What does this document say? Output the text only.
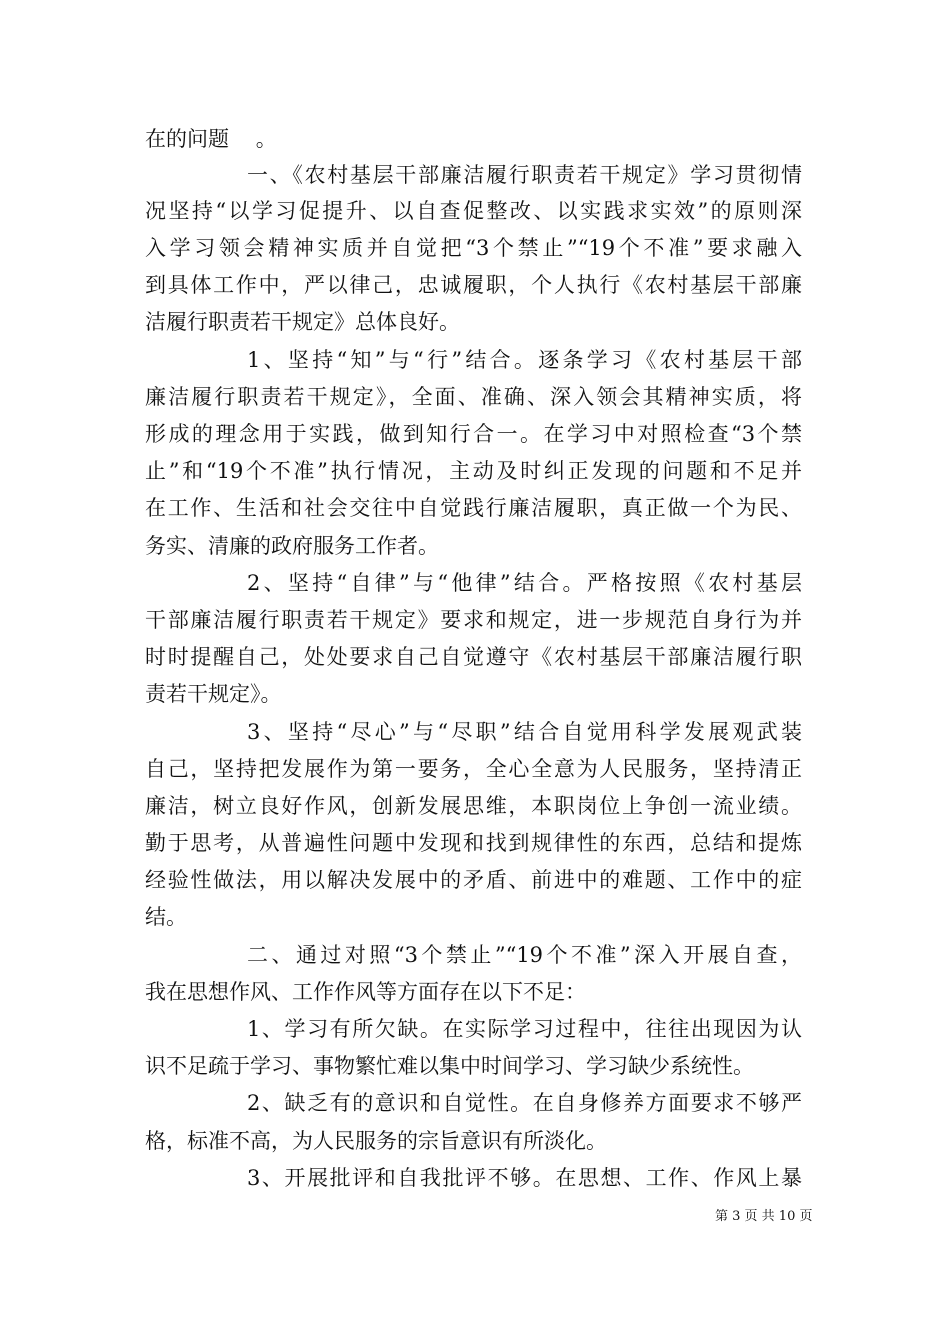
在的问题    。
一、《农村基层干部廉洁履行职责若干规定》学习贯彻情
况坚持“以学习促提升、以自查促整改、以实践求实效”的原则深
入学习领会精神实质并自觉把“3个禁止”“19个不准”要求融入
到具体工作中，严以律己，忠诚履职，个人执行《农村基层干部廉
洁履行职责若干规定》总体良好。
1、坚持“知”与“行”结合。逐条学习《农村基层干部
廉洁履行职责若干规定》，全面、准确、深入领会其精神实质，将
形成的理念用于实践，做到知行合一。在学习中对照检查“3个禁
止”和“19个不准”执行情况，主动及时纠正发现的问题和不足并
在工作、生活和社会交往中自觉践行廉洁履职，真正做一个为民、
务实、清廉的政府服务工作者。
2、坚持“自律”与“他律”结合。严格按照《农村基层
干部廉洁履行职责若干规定》要求和规定，进一步规范自身行为并
时时提醒自己，处处要求自己自觉遵守《农村基层干部廉洁履行职
责若干规定》。
3、坚持“尽心”与“尽职”结合自觉用科学发展观武装
自己，坚持把发展作为第一要务，全心全意为人民服务，坚持清正
廉洁，树立良好作风，创新发展思维，本职岗位上争创一流业绩。
勤于思考，从普遍性问题中发现和找到规律性的东西，总结和提炼
经验性做法，用以解决发展中的矛盾、前进中的难题、工作中的症
结。
二、通过对照“3个禁止”“19个不准”深入开展自查，
我在思想作风、工作作风等方面存在以下不足：
1、学习有所欠缺。在实际学习过程中，往往出现因为认
识不足疏于学习、事物繁忙难以集中时间学习、学习缺少系统性。
2、缺乏有的意识和自觉性。在自身修养方面要求不够严
格，标准不高，为人民服务的宗旨意识有所淡化。
3、开展批评和自我批评不够。在思想、工作、作风上暴
第 3 页 共 10 页
